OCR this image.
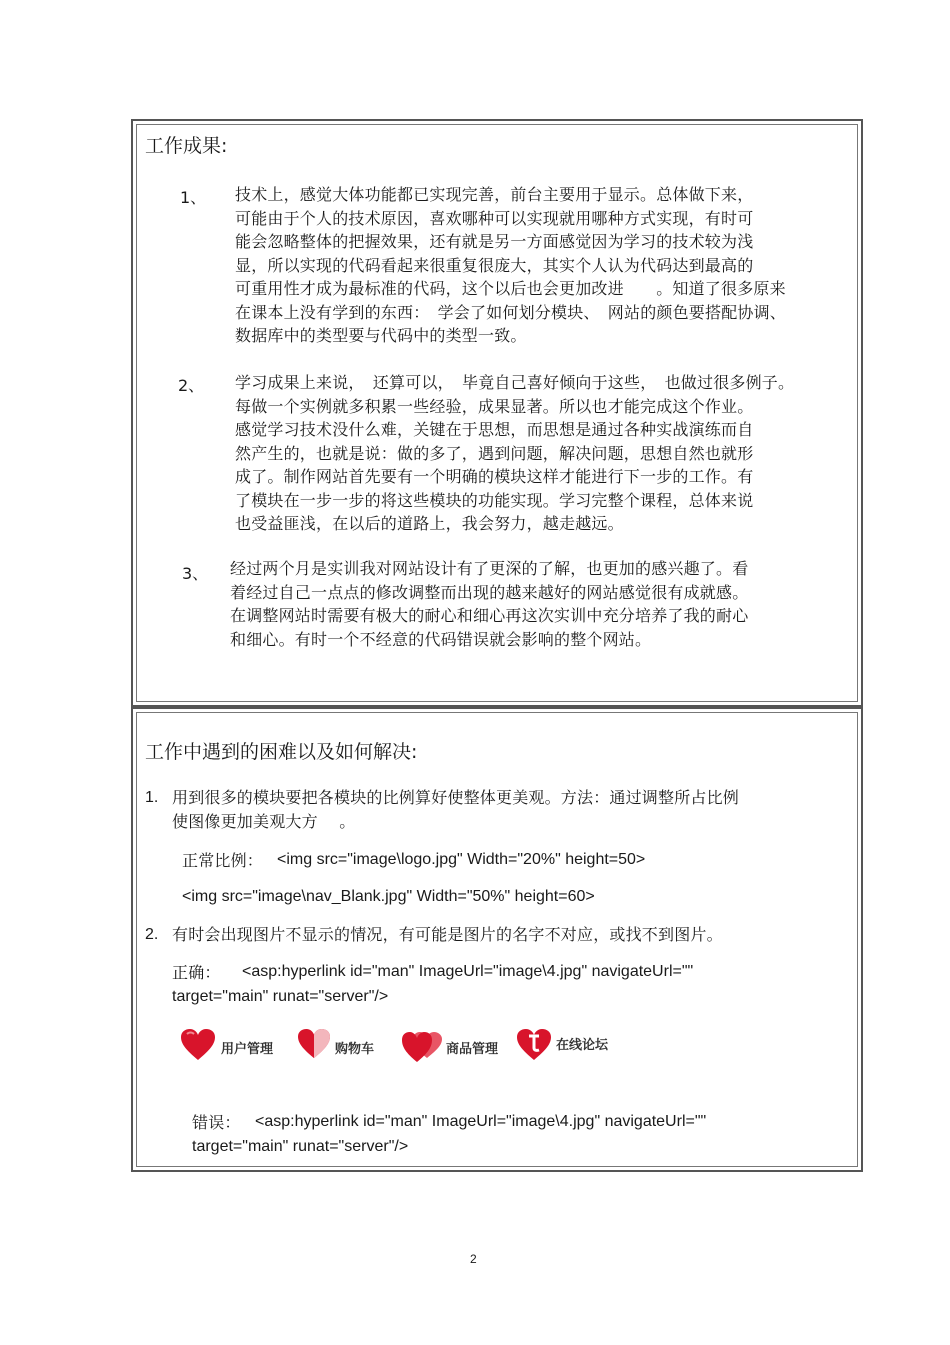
工作成果:
1、 技术上，感觉大体功能都已实现完善，前台主要用于显示。总体做下来，
可能由于个人的技术原因，喜欢哪种可以实现就用哪种方式实现，有时可
能会忽略整体的把握效果，还有就是另一方面感觉因为学习的技术较为浅
显，所以实现的代码看起来很重复很庞大，其实个人认为代码达到最高的
可重用性才成为最标准的代码，这个以后也会更加改进　　。知道了很多原来
在课本上没有学到的东西：　学会了如何划分模块、　网站的颜色要搭配协调、
数据库中的类型要与代码中的类型一致。
2、 学习成果上来说，　还算可以，　毕竟自己喜好倾向于这些，　也做过很多例子。
每做一个实例就多积累一些经验，成果显著。所以也才能完成这个作业。
感觉学习技术没什么难，关键在于思想，而思想是通过各种实战演练而自
然产生的，也就是说：做的多了，遇到问题，解决问题，思想自然也就形
成了。制作网站首先要有一个明确的模块这样才能进行下一步的工作。有
了模块在一步一步的将这些模块的功能实现。学习完整个课程，总体来说
也受益匪浅，在以后的道路上，我会努力，越走越远。
3、 经过两个月是实训我对网站设计有了更深的了解，也更加的感兴趣了。看
着经过自己一点点的修改调整而出现的越来越好的网站感觉很有成就感。
在调整网站时需要有极大的耐心和细心再这次实训中充分培养了我的耐心
和细心。有时一个不经意的代码错误就会影响的整个网站。
工作中遇到的困难以及如何解决:
1. 用到很多的模块要把各模块的比例算好使整体更美观。方法：通过调整所占比例
使图像更加美观大方　 。
正常比例： <img src="image\logo.jpg" Width="20%" height=50>
<img src="image\nav_Blank.jpg" Width="50%" height=60>
2. 有时会出现图片不显示的情况，有可能是图片的名字不对应，或找不到图片。
正确： <asp:hyperlink id="man" ImageUrl="image\4.jpg" navigateUrl=""
target="main" runat="server"/>
用户管理	购物车	商品管理	在线论坛
错误： <asp:hyperlink id="man" ImageUrl="image\4.jpg" navigateUrl=""
target="main" runat="server"/>
2
